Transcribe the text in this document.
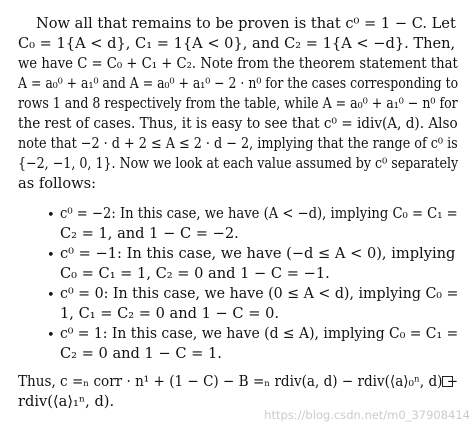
Now all that remains to be proven is that c⁰ = 1 − C. Let
C₀ = 1{A < d}, C₁ = 1{A < 0}, and C₂ = 1{A < −d}. Then,
we have C = C₀ + C₁ + C₂. Note from the theorem statement that
A = a₀⁰ + a₁⁰ and A = a₀⁰ + a₁⁰ − 2 · n⁰ for the cases corresponding to
rows 1 and 8 respectively from the table, while A = a₀⁰ + a₁⁰ − n⁰ for
the rest of cases. Thus, it is easy to see that c⁰ = idiv(A, d). Also
note that −2 · d + 2 ≤ A ≤ 2 · d − 2, implying that the range of c⁰ is
{−2, −1, 0, 1}. Now we look at each value assumed by c⁰ separately
as follows:
• c⁰ = −2: In this case, we have (A < −d), implying C₀ = C₁ =
C₂ = 1, and 1 − C = −2.
• c⁰ = −1: In this case, we have (−d ≤ A < 0), implying
C₀ = C₁ = 1, C₂ = 0 and 1 − C = −1.
• c⁰ = 0: In this case, we have (0 ≤ A < d), implying C₀ =
1, C₁ = C₂ = 0 and 1 − C = 0.
• c⁰ = 1: In this case, we have (d ≤ A), implying C₀ = C₁ =
C₂ = 0 and 1 − C = 1.
Thus, c =ₙ corr · n¹ + (1 − C) − B =ₙ rdiv(a, d) − rdiv(⟨a⟩₀ⁿ, d) −
rdiv(⟨a⟩₁ⁿ, d).
https://blog.csdn.net/m0_37908414
